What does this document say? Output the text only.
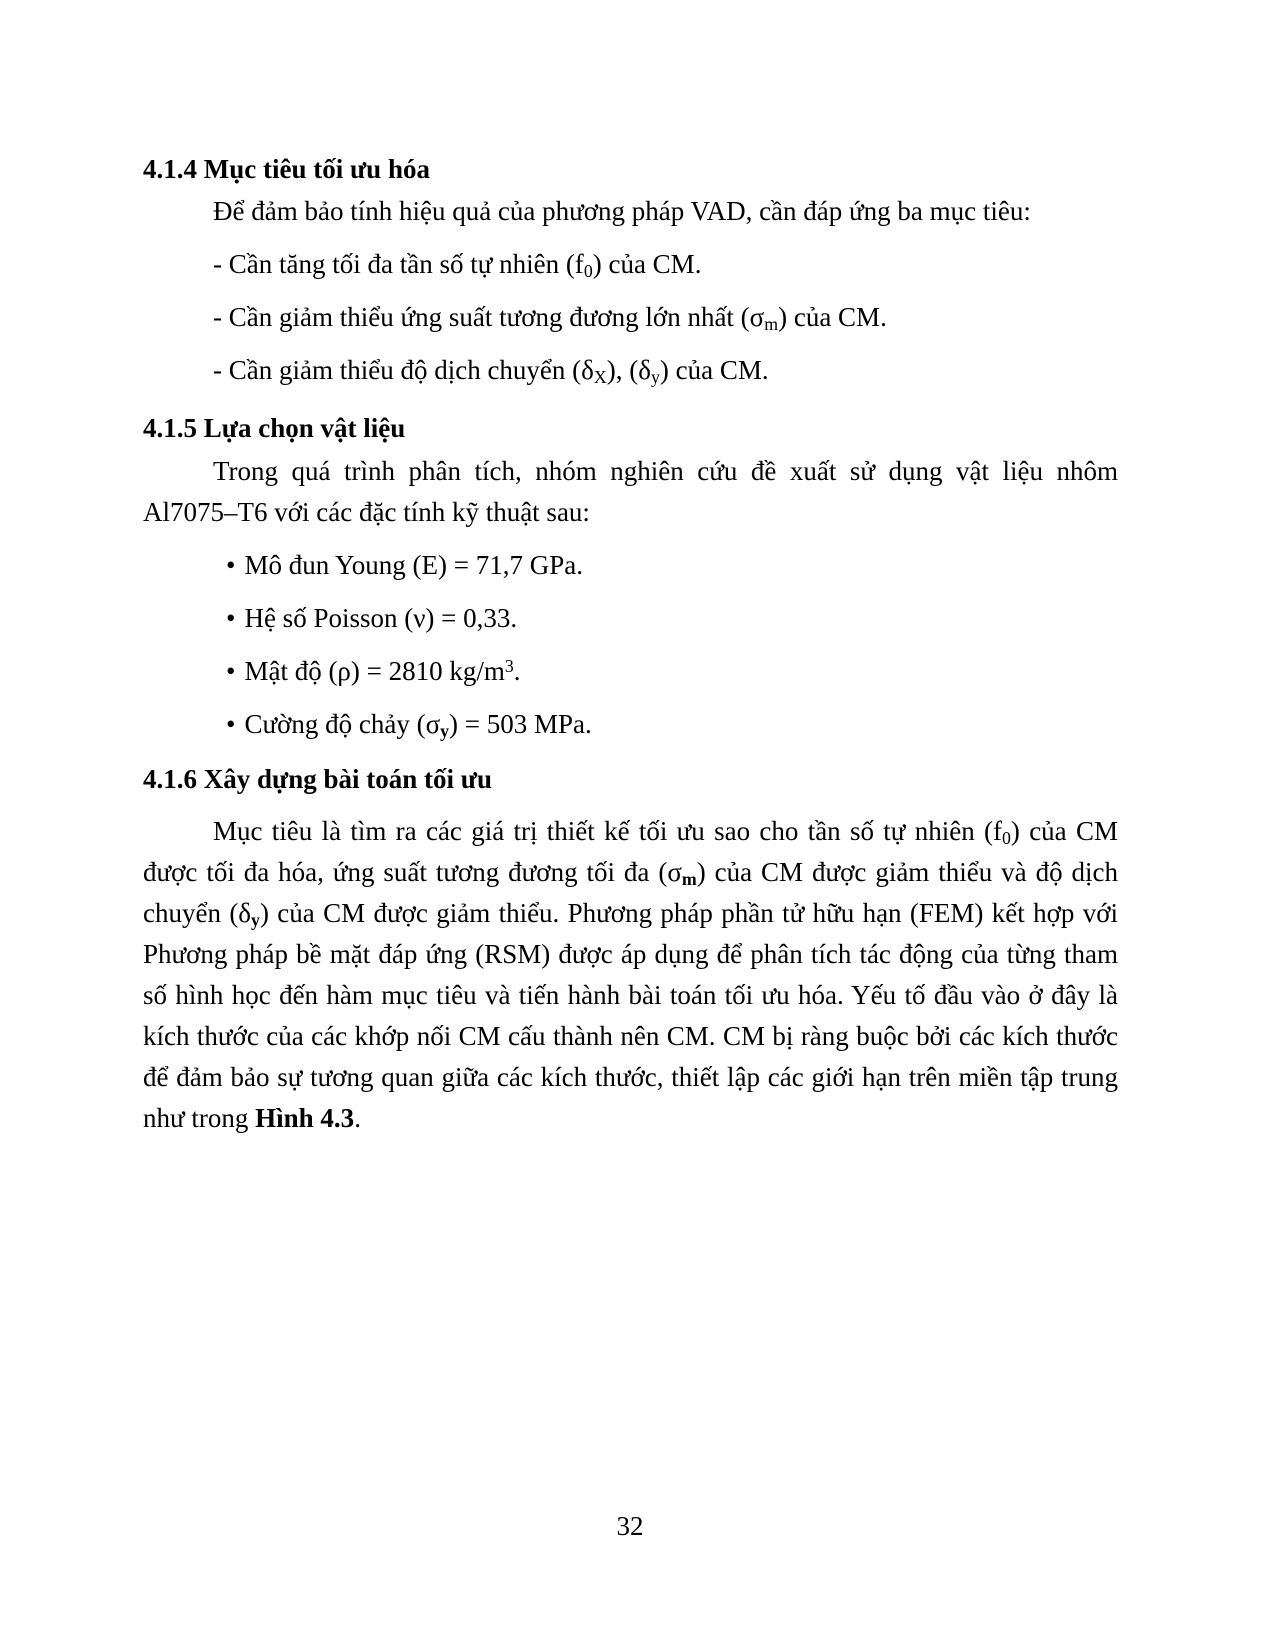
4.1.4 Mục tiêu tối ưu hóa

Để đảm bảo tính hiệu quả của phương pháp VAD, cần đáp ứng ba mục tiêu:

- Cần tăng tối đa tần số tự nhiên $(f_0)$ của CM.

- Cần giảm thiểu ứng suất tương đương lớn nhất $(\sigma_m)$ của CM.

- Cần giảm thiểu độ dịch chuyển $(\delta_X)$, $(\delta_y)$ của CM.

4.1.5 Lựa chọn vật liệu

Trong quá trình phân tích, nhóm nghiên cứu đề xuất sử dụng vật liệu nhôm Al7075–T6 với các đặc tính kỹ thuật sau:

• Mô đun Young (E) = 71,7 GPa.

• Hệ số Poisson (ν) = 0,33.

• Mật độ (ρ) = 2810 $kg/m^3$.

• Cường độ chảy $(\sigma_y) = 503$ MPa.

4.1.6 Xây dựng bài toán tối ưu

Mục tiêu là tìm ra các giá trị thiết kế tối ưu sao cho tần số tự nhiên $(f_0)$ của CM được tối đa hóa, ứng suất tương đương tối đa $(\sigma_m)$ của CM được giảm thiểu và độ dịch chuyển $(\delta_y)$ của CM được giảm thiểu. Phương pháp phần tử hữu hạn (FEM) kết hợp với Phương pháp bề mặt đáp ứng (RSM) được áp dụng để phân tích tác động của từng tham số hình học đến hàm mục tiêu và tiến hành bài toán tối ưu hóa. Yếu tố đầu vào ở đây là kích thước của các khớp nối CM cấu thành nên CM. CM bị ràng buộc bởi các kích thước để đảm bảo sự tương quan giữa các kích thước, thiết lập các giới hạn trên miền tập trung như trong Hình 4.3.

32
